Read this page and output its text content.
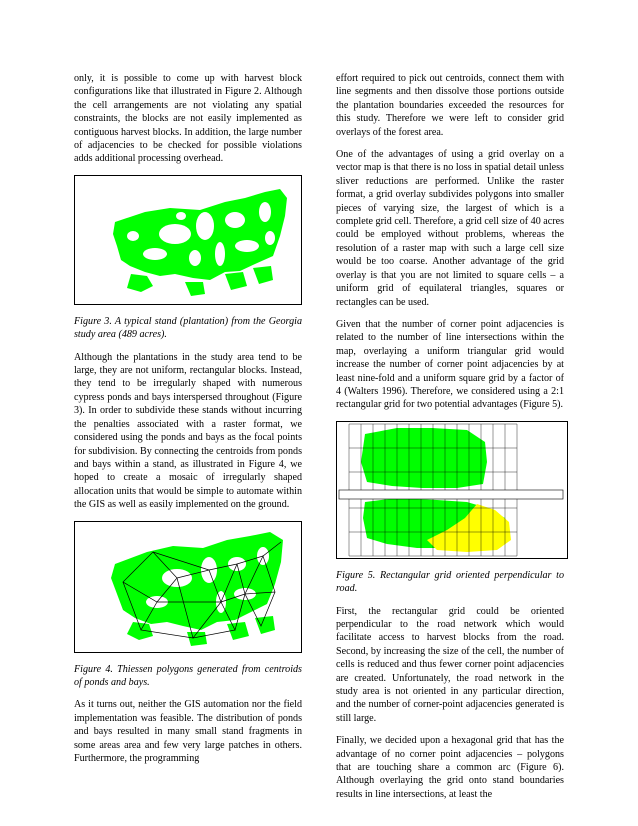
only, it is possible to come up with harvest block configurations like that illustrated in Figure 2. Although the cell arrangements are not violating any spatial constraints, the blocks are not easily implemented as contiguous harvest blocks. In addition, the large number of adjacencies to be checked for possible violations adds additional processing overhead.

Figure 3. A typical stand (plantation) from the Georgia study area (489 acres).

Although the plantations in the study area tend to be large, they are not uniform, rectangular blocks. Instead, they tend to be irregularly shaped with numerous cypress ponds and bays interspersed throughout (Figure 3). In order to subdivide these stands without incurring the penalties associated with a raster format, we considered using the ponds and bays as the focal points for subdivision. By connecting the centroids from ponds and bays within a stand, as illustrated in Figure 4, we hoped to create a mosaic of irregularly shaped allocation units that would be simple to automate within the GIS as well as easily implemented on the ground.

Figure 4. Thiessen polygons generated from centroids of ponds and bays.

As it turns out, neither the GIS automation nor the field implementation was feasible. The distribution of ponds and bays resulted in many small stand fragments in some areas area and few very large patches in others. Furthermore, the programming

effort required to pick out centroids, connect them with line segments and then dissolve those portions outside the plantation boundaries exceeded the resources for this study. Therefore we were left to consider grid overlays of the forest area.

One of the advantages of using a grid overlay on a vector map is that there is no loss in spatial detail unless sliver reductions are performed. Unlike the raster format, a grid overlay subdivides polygons into smaller pieces of varying size, the largest of which is a complete grid cell. Therefore, a grid cell size of 40 acres could be employed without problems, whereas the resolution of a raster map with such a large cell size would be too coarse. Another advantage of the grid overlay is that you are not limited to square cells – a uniform grid of equilateral triangles, squares or rectangles can be used.

Given that the number of corner point adjacencies is related to the number of line intersections within the map, overlaying a uniform triangular grid would increase the number of corner point adjacencies by at least nine-fold and a uniform square grid by a factor of 4 (Walters 1996). Therefore, we considered using a 2:1 rectangular grid for two potential advantages (Figure 5).

Figure 5. Rectangular grid oriented perpendicular to road.

First, the rectangular grid could be oriented perpendicular to the road network which would facilitate access to harvest blocks from the road. Second, by increasing the size of the cell, the number of cells is reduced and thus fewer corner point adjacencies are created. Unfortunately, the road network in the study area is not oriented in any particular direction, and the number of corner-point adjacencies generated is still large.

Finally, we decided upon a hexagonal grid that has the advantage of no corner point adjacencies – polygons that are touching share a common arc (Figure 6). Although overlaying the grid onto stand boundaries results in line intersections, at least the
